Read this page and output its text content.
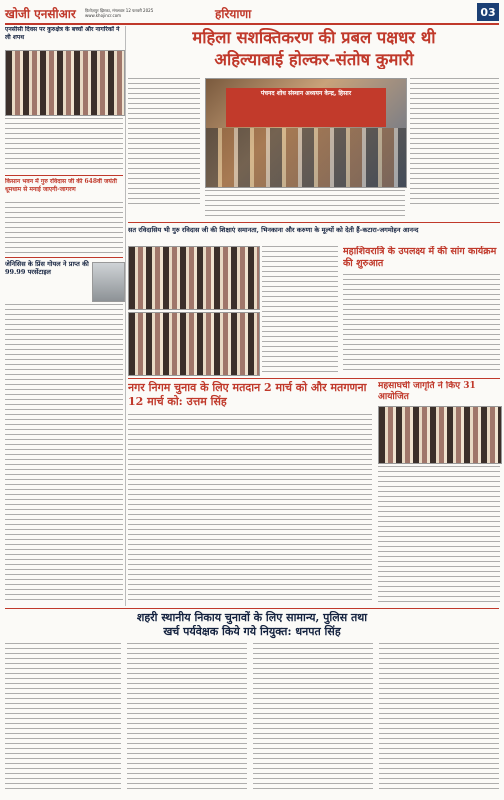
खोजी एनसीआर	फ़िरोज़पुर झिरका, मंगलवार 12 फरवरी 2025
www.khojincr.com	हरियाणा	03
एनसीसी दिवस पर कुरुक्षेत्र के बच्चों और नागरिकों ने ली शपथ	महिला सशक्तिकरण की प्रबल पक्षधर थी
अहिल्याबाई होल्कर-संतोष कुमारी
पंचनद शोध संस्थान अध्ययन केन्द्र, हिसार
किसान भवन में गुरु रविदास जी की 648वीं जयंती धूमधाम से मनाई जाएगी-जागरण
जेनिसिस के प्रिंस गोयल ने प्राप्त की 99.99 परसेंटाइल
सत रविदासिय भी गुरु रविदास जी की शिक्षाएं समानता, भिनकाना और करुणा के मूल्यों को देती हैं-कटारा-जगमोहन आनन्द
महाशिवरात्रि के उपलक्ष्य में की सांग कार्यक्रम की शुरुआत
नगर निगम चुनाव के लिए मतदान 2 मार्च को और मतगणना 12 मार्च को: उत्तम सिंह
महसाघची जागृति ने किए 31 आयोजित
शहरी स्थानीय निकाय चुनावों के लिए सामान्य, पुलिस तथा
खर्च पर्यवेक्षक किये गये नियुक्त: धनपत सिंह
